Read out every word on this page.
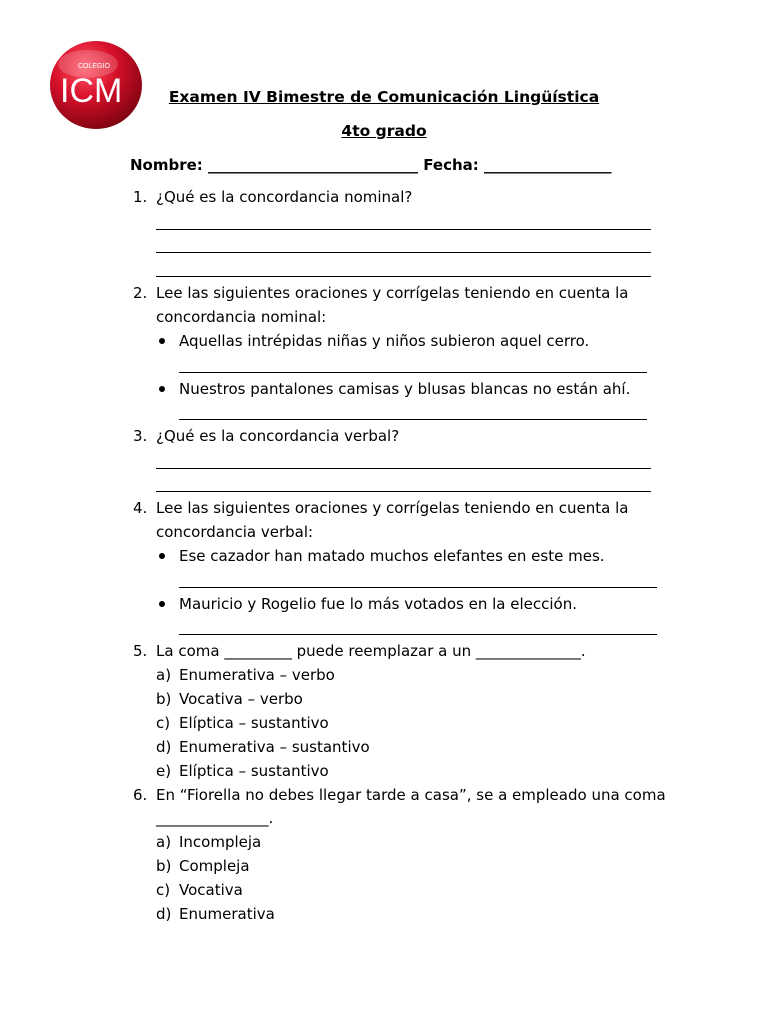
COLEGIO
ICM	Examen IV Bimestre de Comunicación Lingüística
4to grado
Nombre: ____________________________ Fecha: _________________
1. ¿Qué es la concordancia nominal?
2. Lee las siguientes oraciones y corrígelas teniendo en cuenta la
concordancia nominal:
Aquellas intrépidas niñas y niños subieron aquel cerro.
Nuestros pantalones camisas y blusas blancas no están ahí.
3. ¿Qué es la concordancia verbal?
4. Lee las siguientes oraciones y corrígelas teniendo en cuenta la
concordancia verbal:
Ese cazador han matado muchos elefantes en este mes.
Mauricio y Rogelio fue lo más votados en la elección.
5. La coma _________ puede reemplazar a un ______________.
a) Enumerativa – verbo
b) Vocativa – verbo
c) Elíptica – sustantivo
d) Enumerativa – sustantivo
e) Elíptica – sustantivo
6. En “Fiorella no debes llegar tarde a casa”, se a empleado una coma
_______________.
a) Incompleja
b) Compleja
c) Vocativa
d) Enumerativa
